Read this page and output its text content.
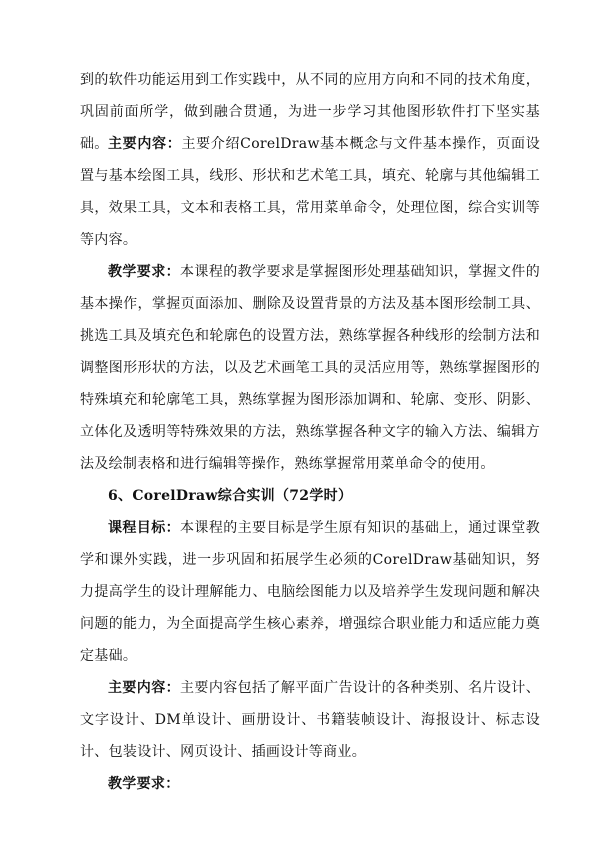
到的软件功能运用到工作实践中，从不同的应用方向和不同的技术角度，巩固前面所学，做到融合贯通，为进一步学习其他图形软件打下坚实基础。 主要内容：主要介绍CorelDraw基本概念与文件基本操作，页面设置与基本绘图工具，线形、形状和艺术笔工具，填充、轮廓与其他编辑工具，效果工具，文本和表格工具，常用菜单命令，处理位图，综合实训等等内容。

教学要求：本课程的教学要求是掌握图形处理基础知识，掌握文件的基本操作，掌握页面添加、删除及设置背景的方法及基本图形绘制工具、挑选工具及填充色和轮廓色的设置方法，熟练掌握各种线形的绘制方法和调整图形形状的方法，以及艺术画笔工具的灵活应用等，熟练掌握图形的特殊填充和轮廓笔工具，熟练掌握为图形添加调和、轮廓、变形、阴影、立体化及透明等特殊效果的方法，熟练掌握各种文字的输入方法、编辑方法及绘制表格和进行编辑等操作，熟练掌握常用菜单命令的使用。

6、CorelDraw综合实训（72学时）

课程目标：本课程的主要目标是学生原有知识的基础上，通过课堂教学和课外实践，进一步巩固和拓展学生必须的CorelDraw基础知识，努力提高学生的设计理解能力、电脑绘图能力以及培养学生发现问题和解决问题的能力，为全面提高学生核心素养，增强综合职业能力和适应能力奠定基础。

主要内容：主要内容包括了解平面广告设计的各种类别、名片设计、文字设计、DM单设计、画册设计、书籍装帧设计、海报设计、标志设计、包装设计、网页设计、插画设计等商业。

教学要求：
